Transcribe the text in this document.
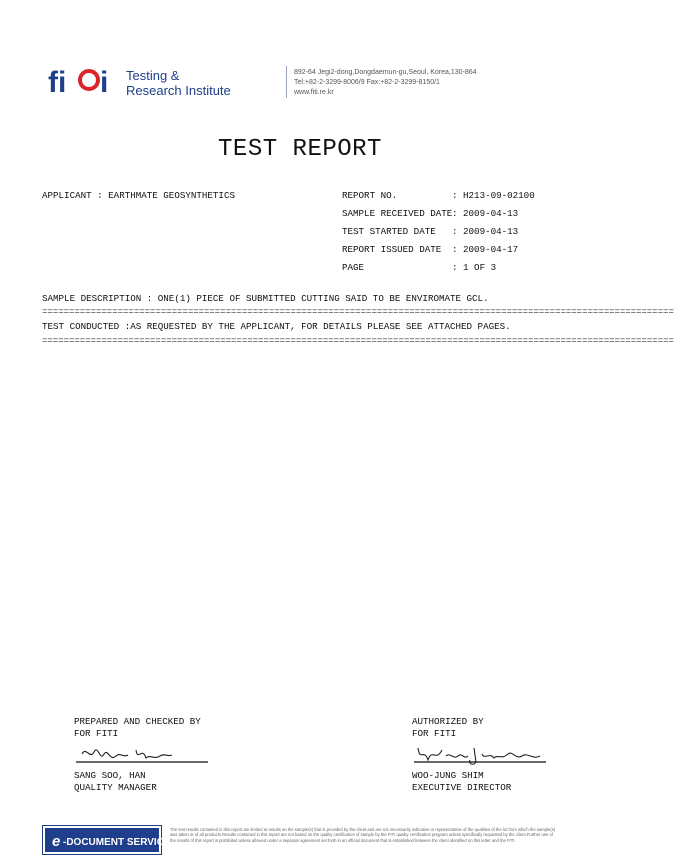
fi i Testing &
Research Institute
892-64 Jegi2-dong,Dongdaemun-gu,Seoul, Korea,130-864
Tel:+82-2-3299-8006/9 Fax:+82-2-3299-8150/1
www.fiti.re.kr
TEST REPORT
APPLICANT : EARTHMATE GEOSYNTHETICS	REPORT NO.	: H213-09-02100
SAMPLE RECEIVED DATE : 2009-04-13
TEST STARTED DATE	: 2009-04-13
REPORT ISSUED DATE	: 2009-04-17
PAGE	: 1 OF 3
SAMPLE DESCRIPTION : ONE(1) PIECE OF SUBMITTED CUTTING SAID TO BE ENVIROMATE GCL.
=====================================================================================================================
TEST CONDUCTED :AS REQUESTED BY THE APPLICANT, FOR DETAILS PLEASE SEE ATTACHED PAGES.
=====================================================================================================================
PREPARED AND CHECKED BY
FOR FITI
SANG SOO, HAN
QUALITY MANAGER
AUTHORIZED BY
FOR FITI
WOO-JUNG SHIM
EXECUTIVE DIRECTOR
e -DOCUMENT SERVICE
The test results contained in this report are limited to results on the sample(s) that is provided by the client and are not necessarily indicative or representative of the qualities of the lot from which the sample(s) was taken or of all products.Results contained in this report are not based on the quality certification of sample by the FITI quality certification program unless specifically requested by the client.Further use of the results of this report is prohibited unless allowed under a separate agreement set forth in an official document that is established between the client identified on this letter and the FITI.
